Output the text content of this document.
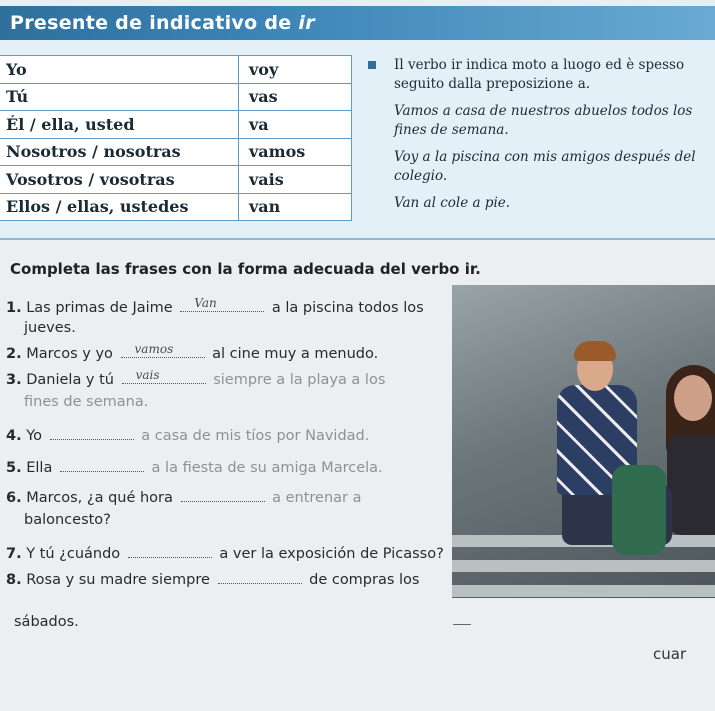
Presente de indicativo de ir
Yo	voy
Tú	vas
Él / ella, usted	va
Nosotros / nosotras	vamos
Vosotros / vosotras	vais
Ellos / ellas, ustedes	van

Il verbo ir indica moto a luogo ed è spesso seguito dalla preposizione a.

Vamos a casa de nuestros abuelos todos los fines de semana.

Voy a la piscina con mis amigos después del colegio.

Van al cole a pie.

Completa las frases con la forma adecuada del verbo ir.
1. Las primas de Jaime Van	a la piscina todos los
jueves.
2. Marcos y yo vamos	al cine muy a menudo.
3. Daniela y tú vais	siempre a la playa a los
fines de semana.
4. Yo	a casa de mis tíos por Navidad.
5. Ella	a la fiesta de su amiga Marcela.
6. Marcos, ¿a qué hora	a entrenar a
baloncesto?
7. Y tú ¿cuándo	a ver la exposición de Picasso?
8. Rosa y su madre siempre	de compras los
sábados.
cuar
